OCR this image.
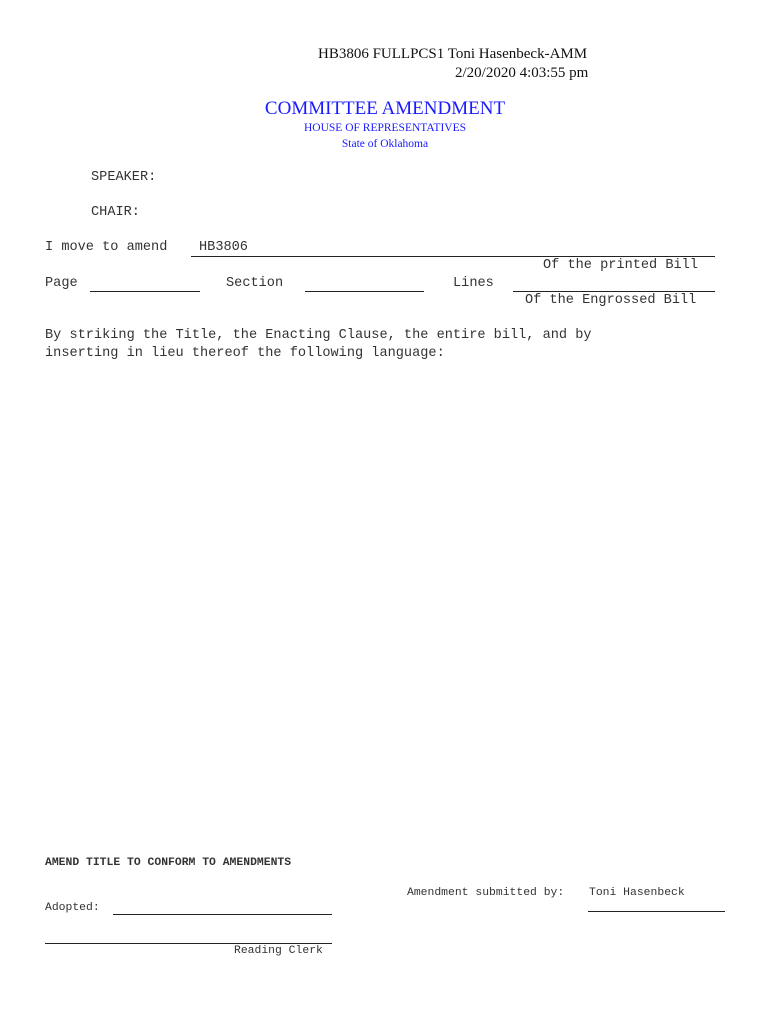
HB3806 FULLPCS1 Toni Hasenbeck-AMM
2/20/2020 4:03:55 pm
COMMITTEE AMENDMENT
HOUSE OF REPRESENTATIVES
State of Oklahoma
SPEAKER:
CHAIR:
I move to amend HB3806
Of the printed Bill
Page	Section	Lines
Of the Engrossed Bill
By striking the Title, the Enacting Clause, the entire bill, and by
inserting in lieu thereof the following language:
AMEND TITLE TO CONFORM TO AMENDMENTS
Amendment submitted by: Toni Hasenbeck
Adopted:
Reading Clerk
